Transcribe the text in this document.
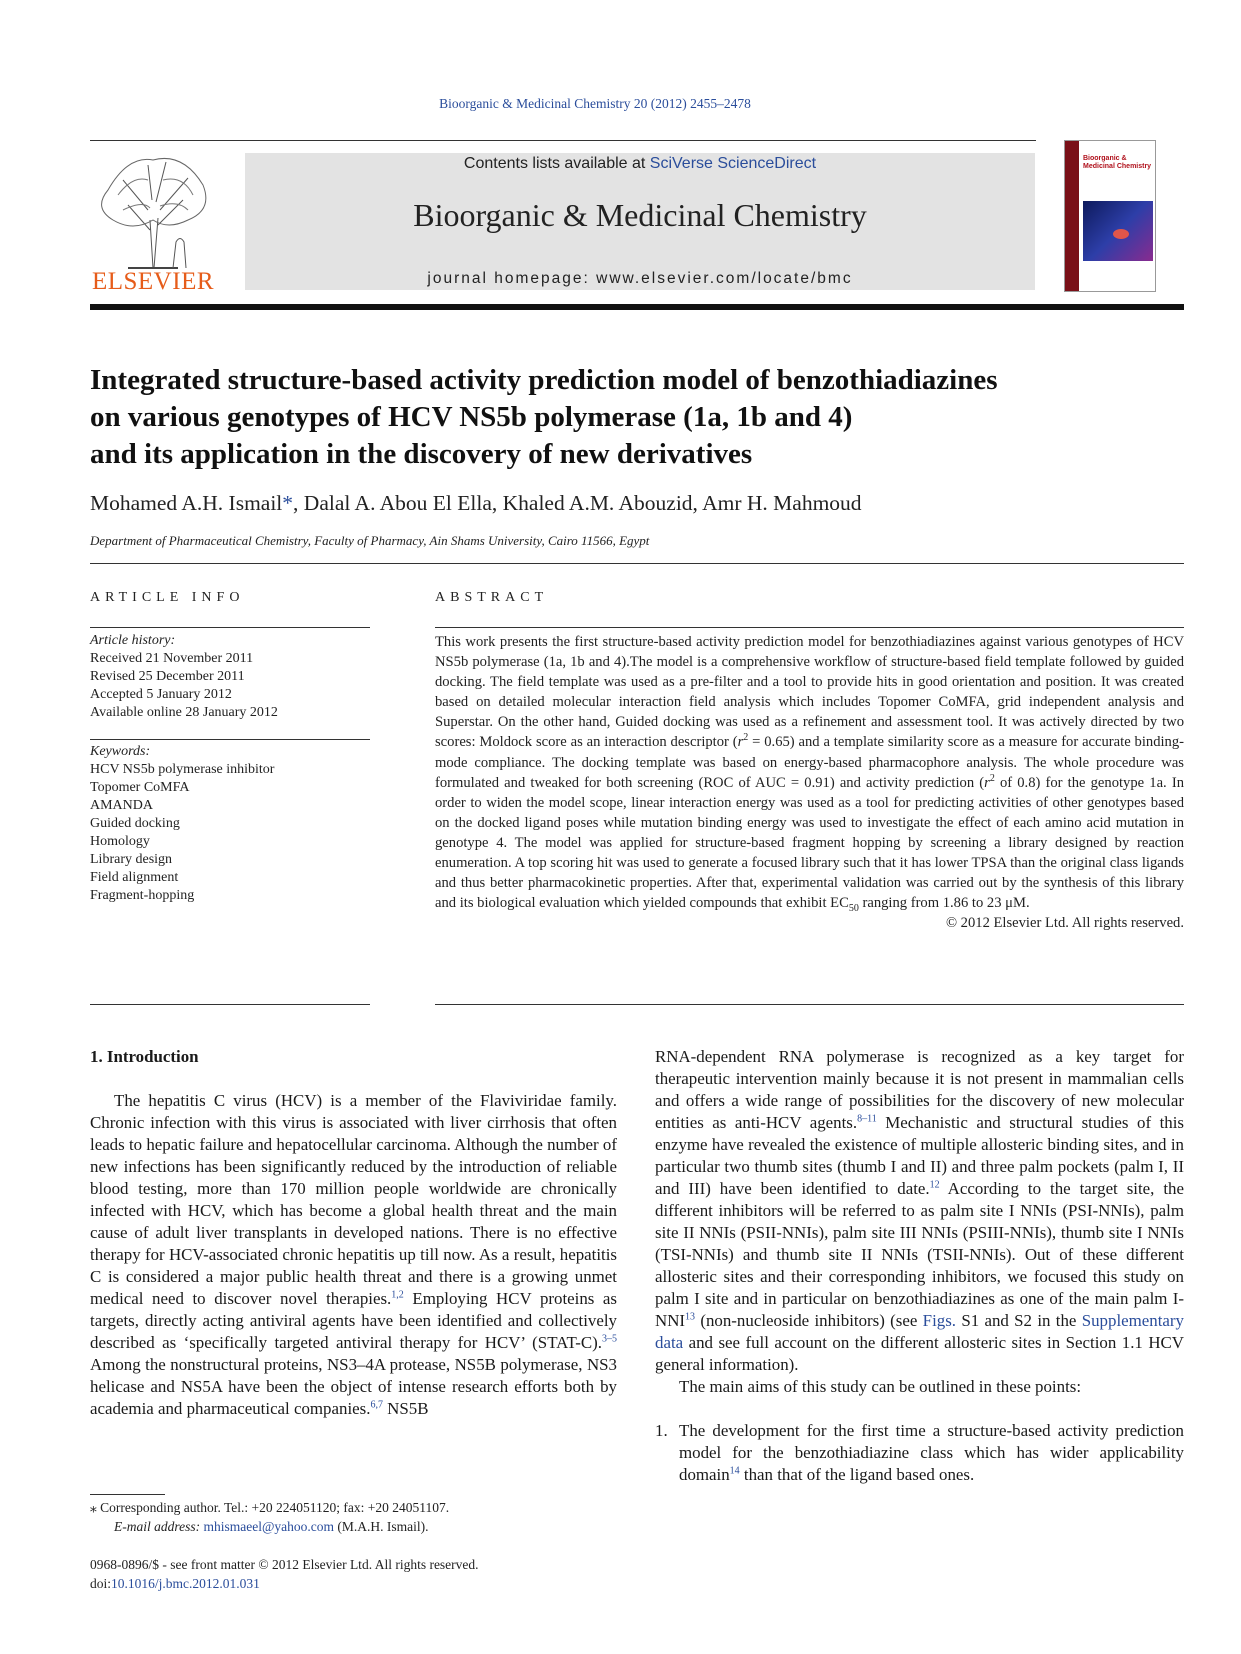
Bioorganic & Medicinal Chemistry 20 (2012) 2455–2478
ELSEVIER
Contents lists available at SciVerse ScienceDirect
Bioorganic & Medicinal Chemistry
journal homepage: www.elsevier.com/locate/bmc
Bioorganic & Medicinal Chemistry
Integrated structure-based activity prediction model of benzothiadiazines
on various genotypes of HCV NS5b polymerase (1a, 1b and 4)
and its application in the discovery of new derivatives
Mohamed A.H. Ismail*, Dalal A. Abou El Ella, Khaled A.M. Abouzid, Amr H. Mahmoud
Department of Pharmaceutical Chemistry, Faculty of Pharmacy, Ain Shams University, Cairo 11566, Egypt
ARTICLE INFO	ABSTRACT
Article history:
Received 21 November 2011
Revised 25 December 2011
Accepted 5 January 2012
Available online 28 January 2012
Keywords:
HCV NS5b polymerase inhibitor
Topomer CoMFA
AMANDA
Guided docking
Homology
Library design
Field alignment
Fragment-hopping
This work presents the first structure-based activity prediction model for benzothiadiazines against various genotypes of HCV NS5b polymerase (1a, 1b and 4).The model is a comprehensive workflow of structure-based field template followed by guided docking. The field template was used as a pre-filter and a tool to provide hits in good orientation and position. It was created based on detailed molecular interaction field analysis which includes Topomer CoMFA, grid independent analysis and Superstar. On the other hand, Guided docking was used as a refinement and assessment tool. It was actively directed by two scores: Moldock score as an interaction descriptor $(r^2 = 0.65)$ and a template similarity score as a measure for accurate binding-mode compliance. The docking template was based on energy-based pharmacophore analysis. The whole procedure was formulated and tweaked for both screening (ROC of AUC = 0.91) and activity prediction ($r^2$ of 0.8) for the genotype 1a. In order to widen the model scope, linear interaction energy was used as a tool for predicting activities of other genotypes based on the docked ligand poses while mutation binding energy was used to investigate the effect of each amino acid mutation in genotype 4. The model was applied for structure-based fragment hopping by screening a library designed by reaction enumeration. A top scoring hit was used to generate a focused library such that it has lower TPSA than the original class ligands and thus better pharmacokinetic properties. After that, experimental validation was carried out by the synthesis of this library and its biological evaluation which yielded compounds that exhibit $EC_{50}$ ranging from 1.86 to 23 μM.
© 2012 Elsevier Ltd. All rights reserved.
1. Introduction

The hepatitis C virus (HCV) is a member of the Flaviviridae family. Chronic infection with this virus is associated with liver cirrhosis that often leads to hepatic failure and hepatocellular carcinoma. Although the number of new infections has been significantly reduced by the introduction of reliable blood testing, more than 170 million people worldwide are chronically infected with HCV, which has become a global health threat and the main cause of adult liver transplants in developed nations. There is no effective therapy for HCV-associated chronic hepatitis up till now. As a result, hepatitis C is considered a major public health threat and there is a growing unmet medical need to discover novel therapies.$^{1,2}$ Employing HCV proteins as targets, directly acting antiviral agents have been identified and collectively described as ‘specifically targeted antiviral therapy for HCV’ (STAT-C).$^{3-5}$ Among the nonstructural proteins, NS3–4A protease, NS5B polymerase, NS3 helicase and NS5A have been the object of intense research efforts both by academia and pharmaceutical companies.$^{6,7}$ NS5B

RNA-dependent RNA polymerase is recognized as a key target for therapeutic intervention mainly because it is not present in mammalian cells and offers a wide range of possibilities for the discovery of new molecular entities as anti-HCV agents.$^{8-11}$ Mechanistic and structural studies of this enzyme have revealed the existence of multiple allosteric binding sites, and in particular two thumb sites (thumb I and II) and three palm pockets (palm I, II and III) have been identified to date.$^{12}$ According to the target site, the different inhibitors will be referred to as palm site I NNIs (PSI-NNIs), palm site II NNIs (PSII-NNIs), palm site III NNIs (PSIII-NNIs), thumb site I NNIs (TSI-NNIs) and thumb site II NNIs (TSII-NNIs). Out of these different allosteric sites and their corresponding inhibitors, we focused this study on palm I site and in particular on benzothiadiazines as one of the main palm I-NNI$^{13}$ (non-nucleoside inhibitors) (see Figs. S1 and S2 in the Supplementary data and see full account on the different allosteric sites in Section 1.1 HCV general information).

The main aims of this study can be outlined in these points:

1. The development for the first time a structure-based activity prediction model for the benzothiadiazine class which has wider applicability domain$^{14}$ than that of the ligand based ones.
⁎ Corresponding author. Tel.: +20 224051120; fax: +20 24051107.
E-mail address: mhismaeel@yahoo.com (M.A.H. Ismail).
0968-0896/$ - see front matter © 2012 Elsevier Ltd. All rights reserved.
doi:10.1016/j.bmc.2012.01.031
